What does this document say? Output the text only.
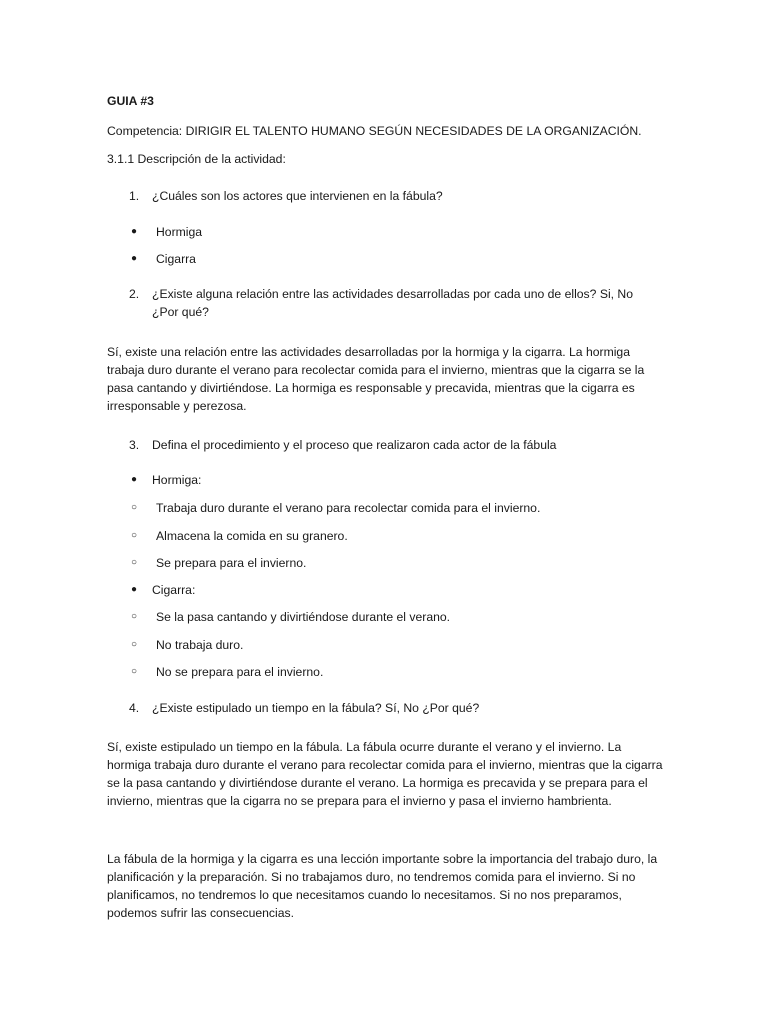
GUIA #3
Competencia: DIRIGIR EL TALENTO HUMANO SEGÚN NECESIDADES DE LA ORGANIZACIÓN.
3.1.1 Descripción de la actividad:
1. ¿Cuáles son los actores que intervienen en la fábula?
● Hormiga
● Cigarra
2. ¿Existe alguna relación entre las actividades desarrolladas por cada uno de ellos? Si, No ¿Por qué?

Sí, existe una relación entre las actividades desarrolladas por la hormiga y la cigarra. La hormiga trabaja duro durante el verano para recolectar comida para el invierno, mientras que la cigarra se la pasa cantando y divirtiéndose. La hormiga es responsable y precavida, mientras que la cigarra es irresponsable y perezosa.

3. Defina el procedimiento y el proceso que realizaron cada actor de la fábula
● Hormiga:
○ Trabaja duro durante el verano para recolectar comida para el invierno.
○ Almacena la comida en su granero.
○ Se prepara para el invierno.
● Cigarra:
○ Se la pasa cantando y divirtiéndose durante el verano.
○ No trabaja duro.
○ No se prepara para el invierno.
4. ¿Existe estipulado un tiempo en la fábula? Sí, No ¿Por qué?

Sí, existe estipulado un tiempo en la fábula. La fábula ocurre durante el verano y el invierno. La hormiga trabaja duro durante el verano para recolectar comida para el invierno, mientras que la cigarra se la pasa cantando y divirtiéndose durante el verano. La hormiga es precavida y se prepara para el invierno, mientras que la cigarra no se prepara para el invierno y pasa el invierno hambrienta.

La fábula de la hormiga y la cigarra es una lección importante sobre la importancia del trabajo duro, la planificación y la preparación. Si no trabajamos duro, no tendremos comida para el invierno. Si no planificamos, no tendremos lo que necesitamos cuando lo necesitamos. Si no nos preparamos, podemos sufrir las consecuencias.
